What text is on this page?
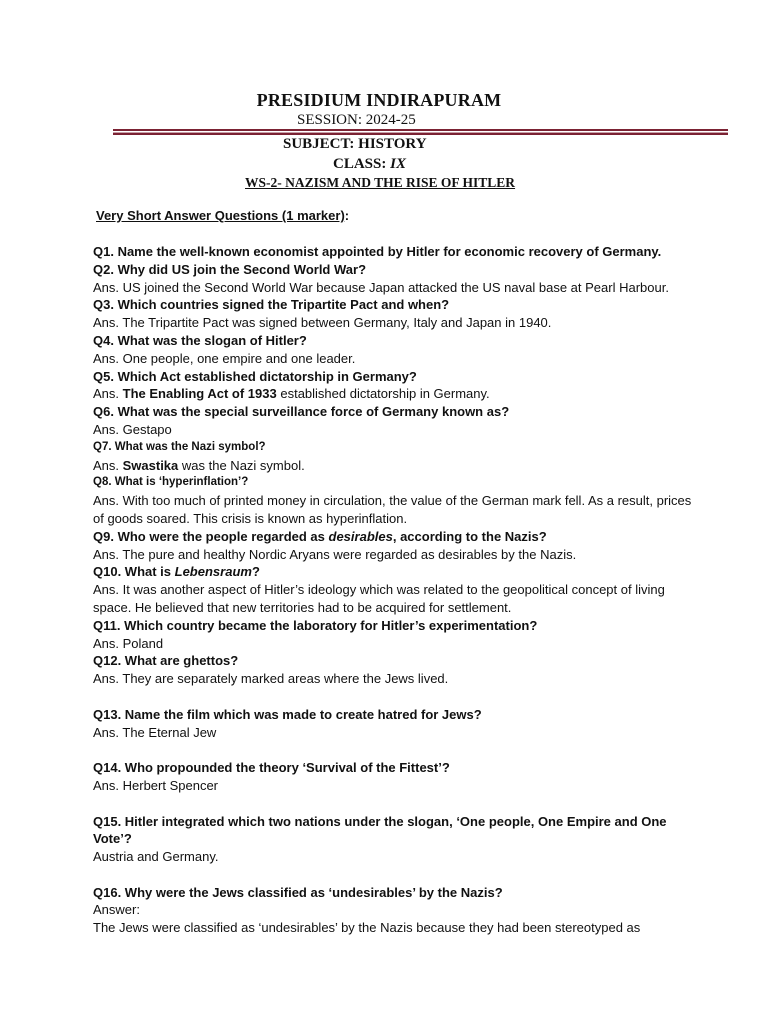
PRESIDIUM INDIRAPURAM
SESSION: 2024-25
SUBJECT: HISTORY
CLASS: IX
WS-2- NAZISM AND THE RISE OF HITLER
Very Short Answer Questions (1 marker):
Q1. Name the well-known economist appointed by Hitler for economic recovery of Germany.
Q2. Why did US join the Second World War?
Ans. US joined the Second World War because Japan attacked the US naval base at Pearl Harbour.
Q3. Which countries signed the Tripartite Pact and when?
Ans. The Tripartite Pact was signed between Germany, Italy and Japan in 1940.
Q4. What was the slogan of Hitler?
Ans. One people, one empire and one leader.
Q5. Which Act established dictatorship in Germany?
Ans. The Enabling Act of 1933 established dictatorship in Germany.
Q6. What was the special surveillance force of Germany known as?
Ans. Gestapo
Q7. What was the Nazi symbol?
Ans. Swastika was the Nazi symbol.
Q8. What is ‘hyperinflation’?
Ans. With too much of printed money in circulation, the value of the German mark fell. As a result, prices of goods soared. This crisis is known as hyperinflation.
Q9. Who were the people regarded as desirables, according to the Nazis?
Ans. The pure and healthy Nordic Aryans were regarded as desirables by the Nazis.
Q10. What is Lebensraum?
Ans. It was another aspect of Hitler’s ideology which was related to the geopolitical concept of living space. He believed that new territories had to be acquired for settlement.
Q11. Which country became the laboratory for Hitler’s experimentation?
Ans. Poland
Q12. What are ghettos?
Ans. They are separately marked areas where the Jews lived.
Q13. Name the film which was made to create hatred for Jews?
Ans. The Eternal Jew
Q14. Who propounded the theory ‘Survival of the Fittest’?
Ans. Herbert Spencer
Q15. Hitler integrated which two nations under the slogan, ‘One people, One Empire and One Vote’?
Austria and Germany.
Q16. Why were the Jews classified as ‘undesirables’ by the Nazis?
Answer:
The Jews were classified as ‘undesirables’ by the Nazis because they had been stereotyped as
